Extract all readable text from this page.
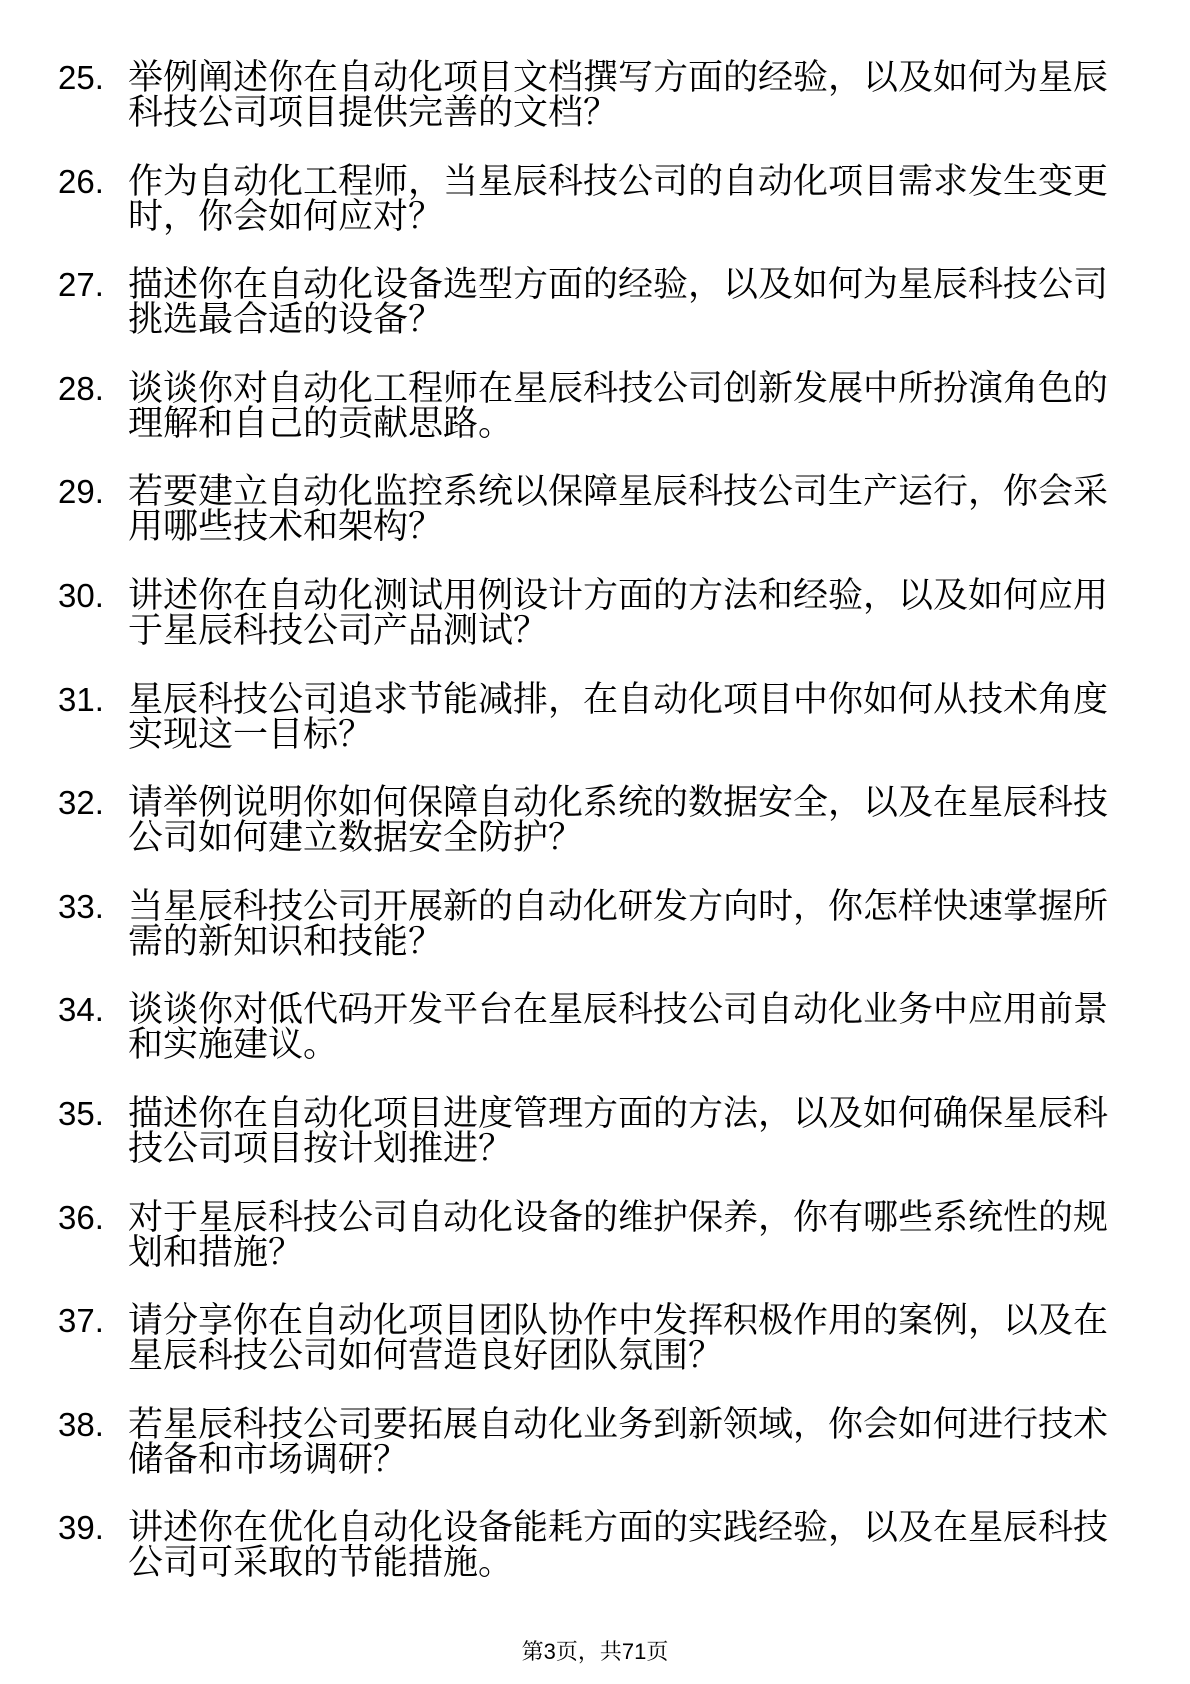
25. 举例阐述你在自动化项目文档撰写方面的经验，以及如何为星辰
科技公司项目提供完善的文档？
26. 作为自动化工程师，当星辰科技公司的自动化项目需求发生变更
时，你会如何应对？
27. 描述你在自动化设备选型方面的经验，以及如何为星辰科技公司
挑选最合适的设备？
28. 谈谈你对自动化工程师在星辰科技公司创新发展中所扮演角色的
理解和自己的贡献思路。
29. 若要建立自动化监控系统以保障星辰科技公司生产运行，你会采
用哪些技术和架构？
30. 讲述你在自动化测试用例设计方面的方法和经验，以及如何应用
于星辰科技公司产品测试？
31. 星辰科技公司追求节能减排，在自动化项目中你如何从技术角度
实现这一目标？
32. 请举例说明你如何保障自动化系统的数据安全，以及在星辰科技
公司如何建立数据安全防护？
33. 当星辰科技公司开展新的自动化研发方向时，你怎样快速掌握所
需的新知识和技能？
34. 谈谈你对低代码开发平台在星辰科技公司自动化业务中应用前景
和实施建议。
35. 描述你在自动化项目进度管理方面的方法，以及如何确保星辰科
技公司项目按计划推进？
36. 对于星辰科技公司自动化设备的维护保养，你有哪些系统性的规
划和措施？
37. 请分享你在自动化项目团队协作中发挥积极作用的案例，以及在
星辰科技公司如何营造良好团队氛围？
38. 若星辰科技公司要拓展自动化业务到新领域，你会如何进行技术
储备和市场调研？
39. 讲述你在优化自动化设备能耗方面的实践经验，以及在星辰科技
公司可采取的节能措施。
第3页，共71页
